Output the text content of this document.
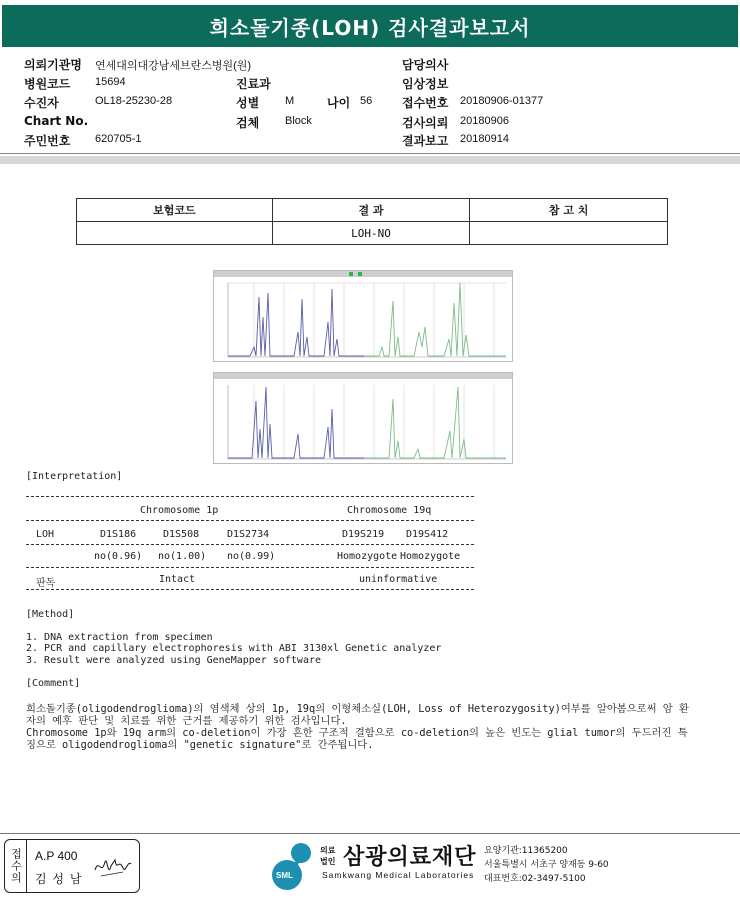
희소돌기종(LOH) 검사결과보고서
의뢰기관명 연세대의대강남세브란스병원(원)
병원코드 15694
수진자	OL18-25230-28
Chart No.
주민번호 620705-1
진료과
성별 M	나이 56
검체 Block
담당의사
임상정보
접수번호 20180906-01377
검사의뢰 20180906
결과보고 20180914
보험코드	결 과	참 고 치
	LOH-NO	
[Interpretation]
Chromosome 1p	Chromosome 19q
LOH	D1S186	D1S508	D1S2734	D19S219 D19S412
no(0.96) no(1.00) no(0.99)	Homozygote Homozygote
판독	Intact	uninformative
[Method]
1. DNA extraction from specimen
2. PCR and capillary electrophoresis with ABI 3130xl Genetic analyzer
3. Result were analyzed using GeneMapper software
[Comment]
희소돌기종(oligodendroglioma)의 염색체 상의 1p, 19q의 이형체소실(LOH, Loss of Heterozygosity)여부를 알아봄으로써 암 환
자의 예후 판단 및 치료를 위한 근거를 제공하기 위한 검사입니다.
Chromosome 1p와 19q arm의 co-deletion이 가장 흔한 구조적 결함으로 co-deletion의 높은 빈도는 glial tumor의 두드러진 특
징으로 oligodendroglioma의 "genetic signature"로 간주됩니다.
접수의	A.P 400
김 성 남	SML
의료
법인 삼광의료재단
Samkwang Medical Laboratories
요양기관:11365200
서울특별시 서초구 양재동 9-60
대표번호:02-3497-5100
